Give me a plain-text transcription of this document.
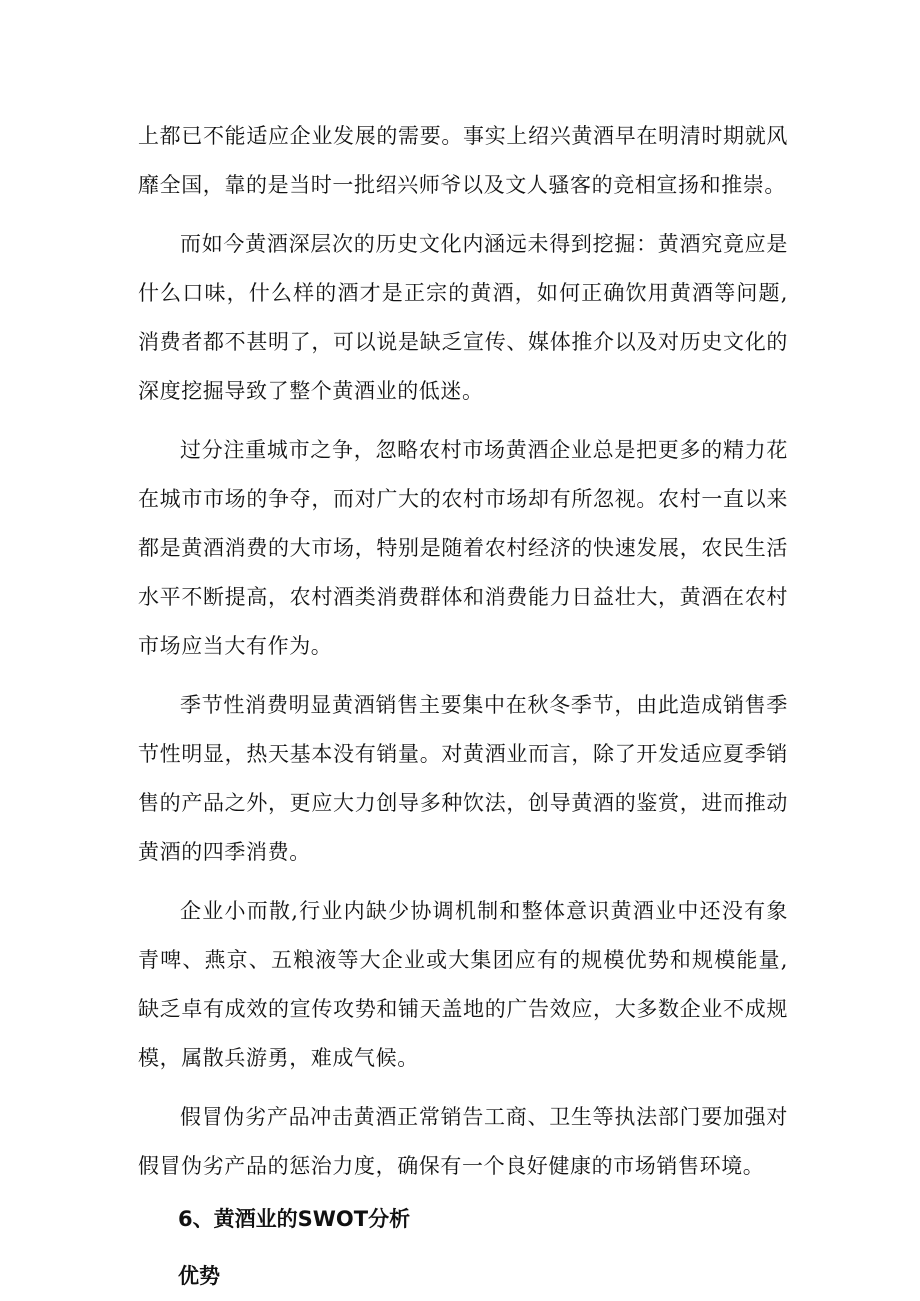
上都已不能适应企业发展的需要。事实上绍兴黄酒早在明清时期就风靡全国，靠的是当时一批绍兴师爷以及文人骚客的竞相宣扬和推崇。

而如今黄酒深层次的历史文化内涵远未得到挖掘：黄酒究竟应是什么口味，什么样的酒才是正宗的黄酒，如何正确饮用黄酒等问题,消费者都不甚明了，可以说是缺乏宣传、媒体推介以及对历史文化的深度挖掘导致了整个黄酒业的低迷。

过分注重城市之争，忽略农村市场黄酒企业总是把更多的精力花在城市市场的争夺，而对广大的农村市场却有所忽视。农村一直以来都是黄酒消费的大市场，特别是随着农村经济的快速发展，农民生活水平不断提高，农村酒类消费群体和消费能力日益壮大，黄酒在农村市场应当大有作为。

季节性消费明显黄酒销售主要集中在秋冬季节，由此造成销售季节性明显，热天基本没有销量。对黄酒业而言，除了开发适应夏季销售的产品之外，更应大力创导多种饮法，创导黄酒的鉴赏，进而推动黄酒的四季消费。

企业小而散,行业内缺少协调机制和整体意识黄酒业中还没有象青啤、燕京、五粮液等大企业或大集团应有的规模优势和规模能量,缺乏卓有成效的宣传攻势和铺天盖地的广告效应，大多数企业不成规模，属散兵游勇，难成气候。

假冒伪劣产品冲击黄酒正常销告工商、卫生等执法部门要加强对假冒伪劣产品的惩治力度，确保有一个良好健康的市场销售环境。

6、黄酒业的SWOT分析
优势
